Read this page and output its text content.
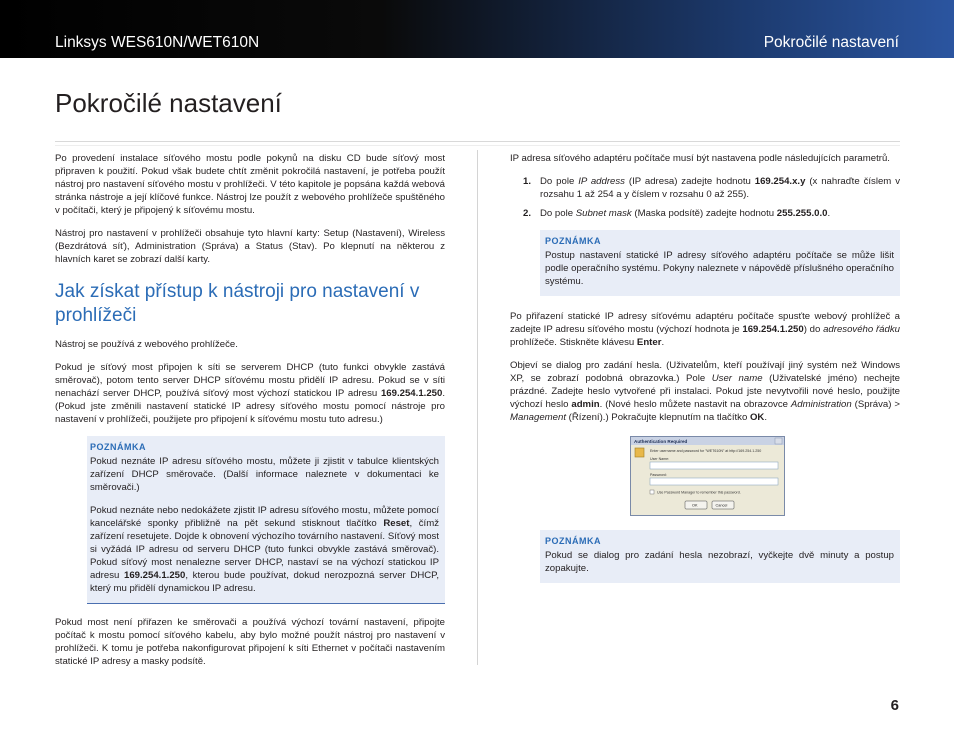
Linksys WES610N/WET610N	Pokročilé nastavení
Pokročilé nastavení

Po provedení instalace síťového mostu podle pokynů na disku CD bude síťový most připraven k použití. Pokud však budete chtít změnit pokročilá nastavení, je potřeba použít nástroj pro nastavení síťového mostu v prohlížeči. V této kapitole je popsána každá webová stránka nástroje a její klíčové funkce. Nástroj lze použít z webového prohlížeče spuštěného v počítači, který je připojený k síťovému mostu.

Nástroj pro nastavení v prohlížeči obsahuje tyto hlavní karty: Setup (Nastavení), Wireless (Bezdrátová síť), Administration (Správa) a Status (Stav). Po klepnutí na některou z hlavních karet se zobrazí další karty.

Jak získat přístup k nástroji pro nastavení v prohlížeči

Nástroj se používá z webového prohlížeče.

Pokud je síťový most připojen k síti se serverem DHCP (tuto funkci obvykle zastává směrovač), potom tento server DHCP síťovému mostu přidělí IP adresu. Pokud se v síti nenachází server DHCP, používá síťový most výchozí statickou IP adresu 169.254.1.250. (Pokud jste změnili nastavení statické IP adresy síťového mostu pomocí nástroje pro nastavení v prohlížeči, použijete pro připojení k síťovému mostu tuto adresu.)

POZNÁMKA

Pokud neznáte IP adresu síťového mostu, můžete ji zjistit v tabulce klientských zařízení DHCP směrovače. (Další informace naleznete v dokumentaci ke směrovači.)

Pokud neznáte nebo nedokážete zjistit IP adresu síťového mostu, můžete pomocí kancelářské sponky přibližně na pět sekund stisknout tlačítko Reset, čímž zařízení resetujete. Dojde k obnovení výchozího továrního nastavení. Síťový most si vyžádá IP adresu od serveru DHCP (tuto funkci obvykle zastává směrovač). Pokud síťový most nenalezne server DHCP, nastaví se na výchozí statickou IP adresu 169.254.1.250, kterou bude používat, dokud nerozpozná server DHCP, který mu přidělí dynamickou IP adresu.

Pokud most není přiřazen ke směrovači a používá výchozí tovární nastavení, připojte počítač k mostu pomocí síťového kabelu, aby bylo možné použít nástroj pro nastavení v prohlížeči. K tomu je potřeba nakonfigurovat připojení k síti Ethernet v počítači nastavením statické IP adresy a masky podsítě.

IP adresa síťového adaptéru počítače musí být nastavena podle následujících parametrů.

1. Do pole IP address (IP adresa) zadejte hodnotu 169.254.x.y (x nahraďte číslem v rozsahu 1 až 254 a y číslem v rozsahu 0 až 255).
2. Do pole Subnet mask (Maska podsítě) zadejte hodnotu 255.255.0.0.
POZNÁMKA

Postup nastavení statické IP adresy síťového adaptéru počítače se může lišit podle operačního systému. Pokyny naleznete v nápovědě příslušného operačního systému.

Po přiřazení statické IP adresy síťovému adaptéru počítače spusťte webový prohlížeč a zadejte IP adresu síťového mostu (výchozí hodnota je 169.254.1.250) do adresového řádku prohlížeče. Stiskněte klávesu Enter.

Objeví se dialog pro zadání hesla. (Uživatelům, kteří používají jiný systém než Windows XP, se zobrazí podobná obrazovka.) Pole User name (Uživatelské jméno) nechejte prázdné. Zadejte heslo vytvořené při instalaci. Pokud jste nevytvořili nové heslo, použijte výchozí heslo admin. (Nové heslo můžete nastavit na obrazovce Administration (Správa) > Management (Řízení).) Pokračujte klepnutím na tlačítko OK.

Authentication Required
Enter username and password for "WET610N" at http://169.254.1.250
User Name:
Password:
Use Password Manager to remember this password.
OK	Cancel
POZNÁMKA

Pokud se dialog pro zadání hesla nezobrazí, vyčkejte dvě minuty a postup zopakujte.

6
